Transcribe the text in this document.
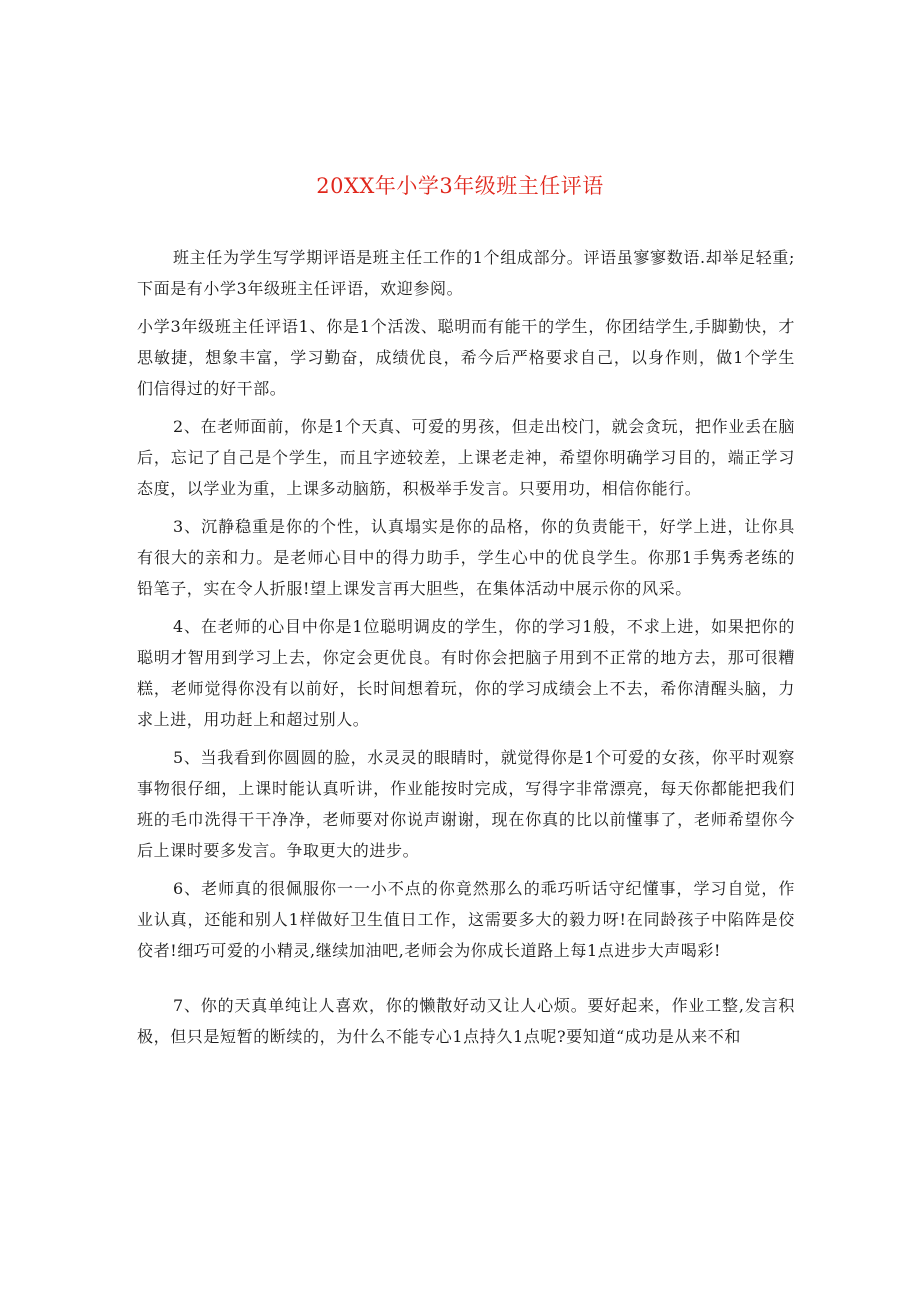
20XX年小学3年级班主任评语

班主任为学生写学期评语是班主任工作的1个组成部分。评语虽寥寥数语.却举足轻重;下面是有小学3年级班主任评语，欢迎参阅。

小学3年级班主任评语1、你是1个活泼、聪明而有能干的学生，你团结学生,手脚勤快，才思敏捷，想象丰富，学习勤奋，成绩优良，希今后严格要求自己，以身作则，做1个学生们信得过的好干部。

2、在老师面前，你是1个天真、可爱的男孩，但走出校门，就会贪玩，把作业丢在脑后，忘记了自己是个学生，而且字迹较差，上课老走神，希望你明确学习目的，端正学习态度，以学业为重，上课多动脑筋，积极举手发言。只要用功，相信你能行。

3、沉静稳重是你的个性，认真塌实是你的品格，你的负责能干，好学上进，让你具有很大的亲和力。是老师心目中的得力助手，学生心中的优良学生。你那1手隽秀老练的铅笔子，实在令人折服!望上课发言再大胆些，在集体活动中展示你的风采。

4、在老师的心目中你是1位聪明调皮的学生，你的学习1般，不求上进，如果把你的聪明才智用到学习上去，你定会更优良。有时你会把脑子用到不正常的地方去，那可很糟糕，老师觉得你没有以前好，长时间想着玩，你的学习成绩会上不去，希你清醒头脑，力求上进，用功赶上和超过别人。

5、当我看到你圆圆的脸，水灵灵的眼睛时，就觉得你是1个可爱的女孩，你平时观察事物很仔细，上课时能认真听讲，作业能按时完成，写得字非常漂亮，每天你都能把我们班的毛巾洗得干干净净，老师要对你说声谢谢，现在你真的比以前懂事了，老师希望你今后上课时要多发言。争取更大的进步。

6、老师真的很佩服你一一小不点的你竟然那么的乖巧听话守纪懂事，学习自觉，作业认真，还能和别人1样做好卫生值日工作，这需要多大的毅力呀!在同龄孩子中陷阵是佼佼者!细巧可爱的小精灵,继续加油吧,老师会为你成长道路上每1点进步大声喝彩!

7、你的天真单纯让人喜欢，你的懒散好动又让人心烦。要好起来，作业工整,发言积极，但只是短暂的断续的，为什么不能专心1点持久1点呢?要知道“成功是从来不和
